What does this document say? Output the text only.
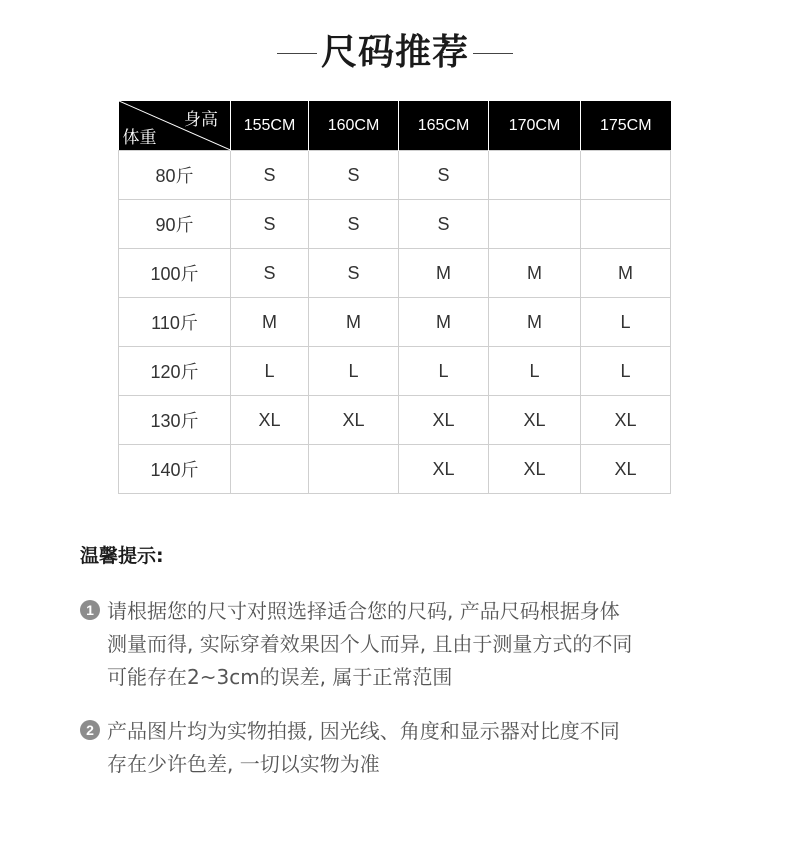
尺码推荐
身高
体重	155CM	160CM	165CM	170CM	175CM
80斤	S	S	S		
90斤	S	S	S		
100斤	S	S	M	M	M
110斤	M	M	M	M	L
120斤	L	L	L	L	L
130斤	XL	XL	XL	XL	XL
140斤			XL	XL	XL
温馨提示:
1 请根据您的尺寸对照选择适合您的尺码, 产品尺码根据身体
测量而得, 实际穿着效果因个人而异, 且由于测量方式的不同
可能存在2~3cm的误差, 属于正常范围
2 产品图片均为实物拍摄, 因光线、角度和显示器对比度不同
存在少许色差, 一切以实物为准
